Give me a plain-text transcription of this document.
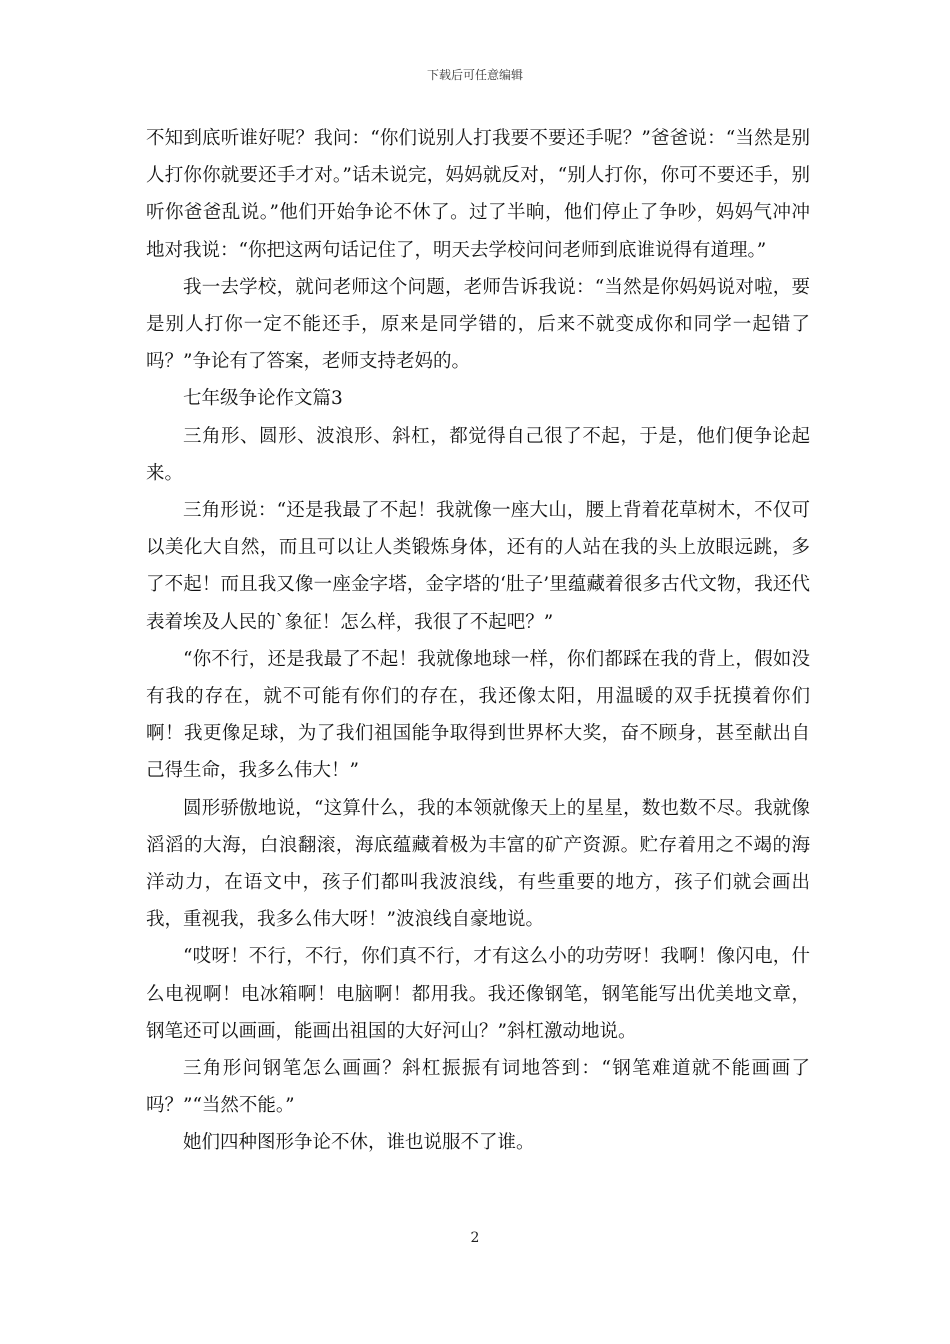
下载后可任意编辑

不知到底听谁好呢？我问：“你们说别人打我要不要还手呢？”爸爸说：“当然是别人打你你就要还手才对。”话未说完，妈妈就反对，“别人打你，你可不要还手，别听你爸爸乱说。”他们开始争论不休了。过了半晌，他们停止了争吵，妈妈气冲冲地对我说：“你把这两句话记住了，明天去学校问问老师到底谁说得有道理。”

我一去学校，就问老师这个问题，老师告诉我说：“当然是你妈妈说对啦，要是别人打你一定不能还手，原来是同学错的，后来不就变成你和同学一起错了吗？”争论有了答案，老师支持老妈的。

七年级争论作文篇3

三角形、圆形、波浪形、斜杠，都觉得自己很了不起，于是，他们便争论起来。

三角形说：“还是我最了不起！我就像一座大山，腰上背着花草树木，不仅可以美化大自然，而且可以让人类锻炼身体，还有的人站在我的头上放眼远跳，多了不起！而且我又像一座金字塔，金字塔的‘肚子’里蕴藏着很多古代文物，我还代表着埃及人民的`象征！怎么样，我很了不起吧？”

“你不行，还是我最了不起！我就像地球一样，你们都踩在我的背上，假如没有我的存在，就不可能有你们的存在，我还像太阳，用温暖的双手抚摸着你们啊！我更像足球，为了我们祖国能争取得到世界杯大奖，奋不顾身，甚至献出自己得生命，我多么伟大！”

圆形骄傲地说，“这算什么，我的本领就像天上的星星，数也数不尽。我就像滔滔的大海，白浪翻滚，海底蕴藏着极为丰富的矿产资源。贮存着用之不竭的海洋动力，在语文中，孩子们都叫我波浪线，有些重要的地方，孩子们就会画出我，重视我，我多么伟大呀！”波浪线自豪地说。

“哎呀！不行，不行，你们真不行，才有这么小的功劳呀！我啊！像闪电，什么电视啊！电冰箱啊！电脑啊！都用我。我还像钢笔，钢笔能写出优美地文章，钢笔还可以画画，能画出祖国的大好河山？”斜杠激动地说。

三角形问钢笔怎么画画？斜杠振振有词地答到：“钢笔难道就不能画画了吗？”“当然不能。”

她们四种图形争论不休，谁也说服不了谁。

2
